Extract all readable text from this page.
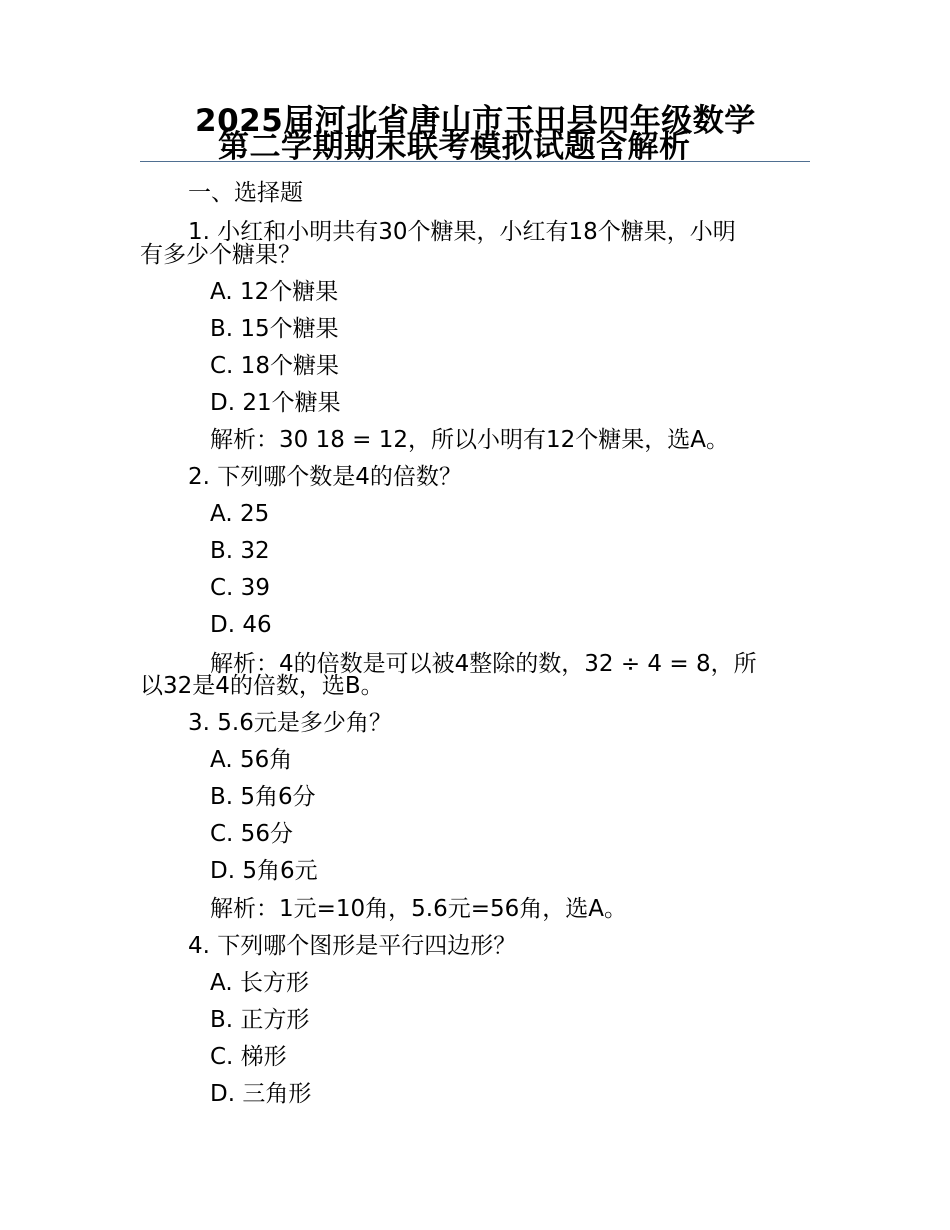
2025届河北省唐山市玉田县四年级数学
第二学期期末联考模拟试题含解析
一、选择题
1. 小红和小明共有30个糖果，小红有18个糖果，小明
有多少个糖果？
A. 12个糖果
B. 15个糖果
C. 18个糖果
D. 21个糖果
解析：30 18 = 12，所以小明有12个糖果，选A。
2. 下列哪个数是4的倍数？
A. 25
B. 32
C. 39
D. 46
解析：4的倍数是可以被4整除的数，32 ÷ 4 = 8，所
以32是4的倍数，选B。
3. 5.6元是多少角？
A. 56角
B. 5角6分
C. 56分
D. 5角6元
解析：1元=10角，5.6元=56角，选A。
4. 下列哪个图形是平行四边形？
A. 长方形
B. 正方形
C. 梯形
D. 三角形
